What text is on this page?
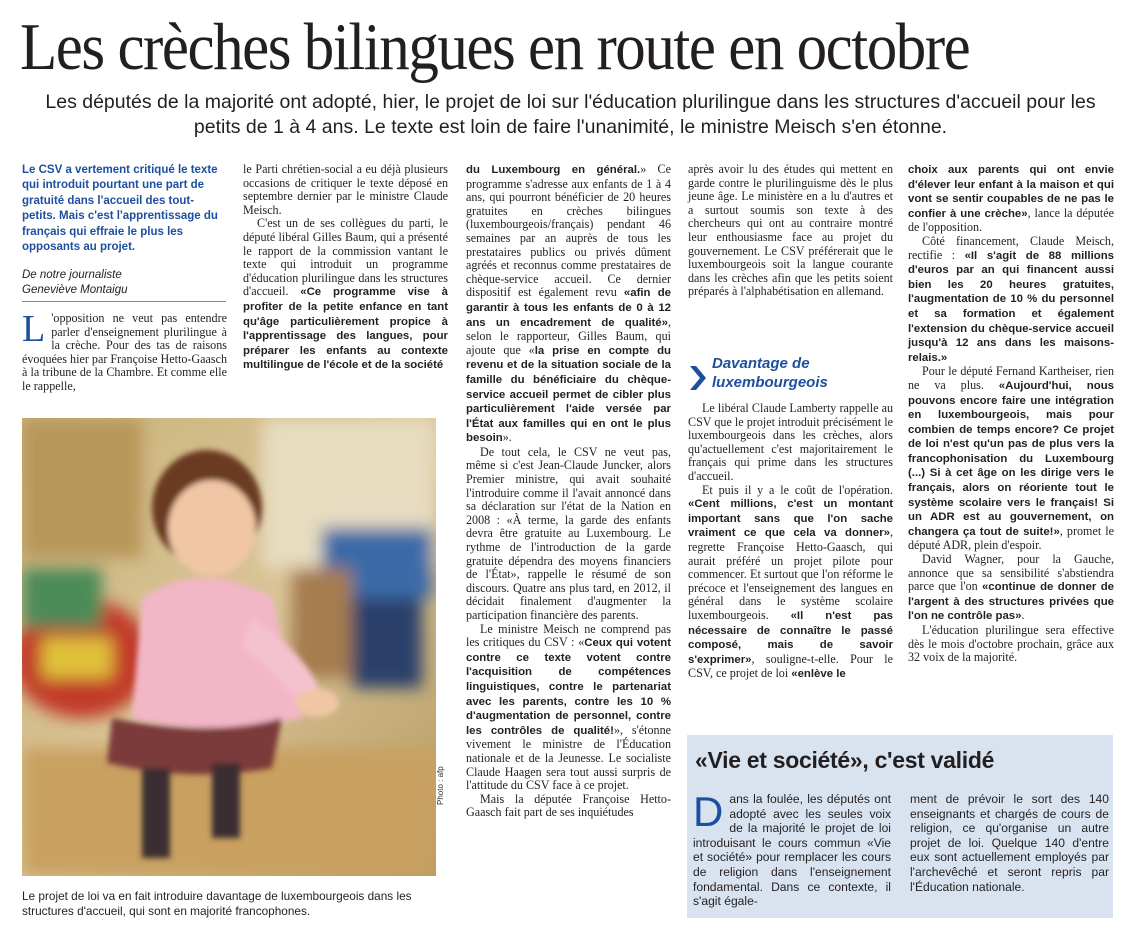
Les crèches bilingues en route en octobre
Les députés de la majorité ont adopté, hier, le projet de loi sur l'éducation plurilingue dans les structures d'accueil pour les petits de 1 à 4 ans. Le texte est loin de faire l'unanimité, le ministre Meisch s'en étonne.
Le CSV a vertement critiqué le texte qui introduit pourtant une part de gratuité dans l'accueil des tout-petits. Mais c'est l'apprentissage du français qui effraie le plus les opposants au projet.
De notre journaliste
Geneviève Montaigu

L 'opposition ne veut pas entendre parler d'enseignement plurilingue à la crèche. Pour des tas de raisons évoquées hier par Françoise Hetto-Gaasch à la tribune de la Chambre. Et comme elle le rappelle,

Photo : afp
Le projet de loi va en fait introduire davantage de luxembourgeois dans les structures d'accueil, qui sont en majorité francophones.

le Parti chrétien-social a eu déjà plusieurs occasions de critiquer le texte déposé en septembre dernier par le ministre Claude Meisch.

C'est un de ses collègues du parti, le député libéral Gilles Baum, qui a présenté le rapport de la commission vantant le texte qui introduit un programme d'éducation plurilingue dans les structures d'accueil. «Ce programme vise à profiter de la petite enfance en tant qu'âge particulièrement propice à l'apprentissage des langues, pour préparer les enfants au contexte multilingue de l'école et de la société

du Luxembourg en général.» Ce programme s'adresse aux enfants de 1 à 4 ans, qui pourront bénéficier de 20 heures gratuites en crèches bilingues (luxembourgeois/français) pendant 46 semaines par an auprès de tous les prestataires publics ou privés dûment agréés et reconnus comme prestataires de chèque-service accueil. Ce dernier dispositif est également revu «afin de garantir à tous les enfants de 0 à 12 ans un encadrement de qualité», selon le rapporteur, Gilles Baum, qui ajoute que «la prise en compte du revenu et de la situation sociale de la famille du bénéficiaire du chèque-service accueil permet de cibler plus particulièrement l'aide versée par l'État aux familles qui en ont le plus besoin».

De tout cela, le CSV ne veut pas, même si c'est Jean-Claude Juncker, alors Premier ministre, qui avait souhaité l'introduire comme il l'avait annoncé dans sa déclaration sur l'état de la Nation en 2008 : «À terme, la garde des enfants devra être gratuite au Luxembourg. Le rythme de l'introduction de la garde gratuite dépendra des moyens financiers de l'État», rappelle le résumé de son discours. Quatre ans plus tard, en 2012, il décidait finalement d'augmenter la participation financière des parents.

Le ministre Meisch ne comprend pas les critiques du CSV : «Ceux qui votent contre ce texte votent contre l'acquisition de compétences linguistiques, contre le partenariat avec les parents, contre les 10 % d'augmentation de personnel, contre les contrôles de qualité!», s'étonne vivement le ministre de l'Éducation nationale et de la Jeunesse. Le socialiste Claude Haagen sera tout aussi surpris de l'attitude du CSV face à ce projet.

Mais la députée Françoise Hetto-Gaasch fait part de ses inquiétudes

après avoir lu des études qui mettent en garde contre le plurilinguisme dès le plus jeune âge. Le ministère en a lu d'autres et a surtout soumis son texte à des chercheurs qui ont au contraire montré leur enthousiasme face au projet du gouvernement. Le CSV préférerait que le luxembourgeois soit la langue courante dans les crèches afin que les petits soient préparés à l'alphabétisation en allemand.

Davantage de luxembourgeois

Le libéral Claude Lamberty rappelle au CSV que le projet introduit précisément le luxembourgeois dans les crèches, alors qu'actuellement c'est majoritairement le français qui prime dans les structures d'accueil.

Et puis il y a le coût de l'opération. «Cent millions, c'est un montant important sans que l'on sache vraiment ce que cela va donner», regrette Françoise Hetto-Gaasch, qui aurait préféré un projet pilote pour commencer. Et surtout que l'on réforme le précoce et l'enseignement des langues en général dans le système scolaire luxembourgeois. «Il n'est pas nécessaire de connaître le passé composé, mais de savoir s'exprimer», souligne-t-elle. Pour le CSV, ce projet de loi «enlève le

choix aux parents qui ont envie d'élever leur enfant à la maison et qui vont se sentir coupables de ne pas le confier à une crèche», lance la députée de l'opposition.

Côté financement, Claude Meisch, rectifie : «Il s'agit de 88 millions d'euros par an qui financent aussi bien les 20 heures gratuites, l'augmentation de 10 % du personnel et sa formation et également l'extension du chèque-service accueil jusqu'à 12 ans dans les maisons-relais.»

Pour le député Fernand Kartheiser, rien ne va plus. «Aujourd'hui, nous pouvons encore faire une intégration en luxembourgeois, mais pour combien de temps encore? Ce projet de loi n'est qu'un pas de plus vers la francophonisation du Luxembourg (...) Si à cet âge on les dirige vers le français, alors on réoriente tout le système scolaire vers le français! Si un ADR est au gouvernement, on changera ça tout de suite!», promet le député ADR, plein d'espoir.

David Wagner, pour la Gauche, annonce que sa sensibilité s'abstiendra parce que l'on «continue de donner de l'argent à des structures privées que l'on ne contrôle pas».

L'éducation plurilingue sera effective dès le mois d'octobre prochain, grâce aux 32 voix de la majorité.

«Vie et société», c'est validé
Dans la foulée, les députés ont adopté avec les seules voix de la majorité le projet de loi introduisant le cours commun «Vie et société» pour remplacer les cours de religion dans l'enseignement fondamental. Dans ce contexte, il s'agit égale-
ment de prévoir le sort des 140 enseignants et chargés de cours de religion, ce qu'organise un autre projet de loi. Quelque 140 d'entre eux sont actuellement employés par l'archevêché et seront repris par l'Éducation nationale.
